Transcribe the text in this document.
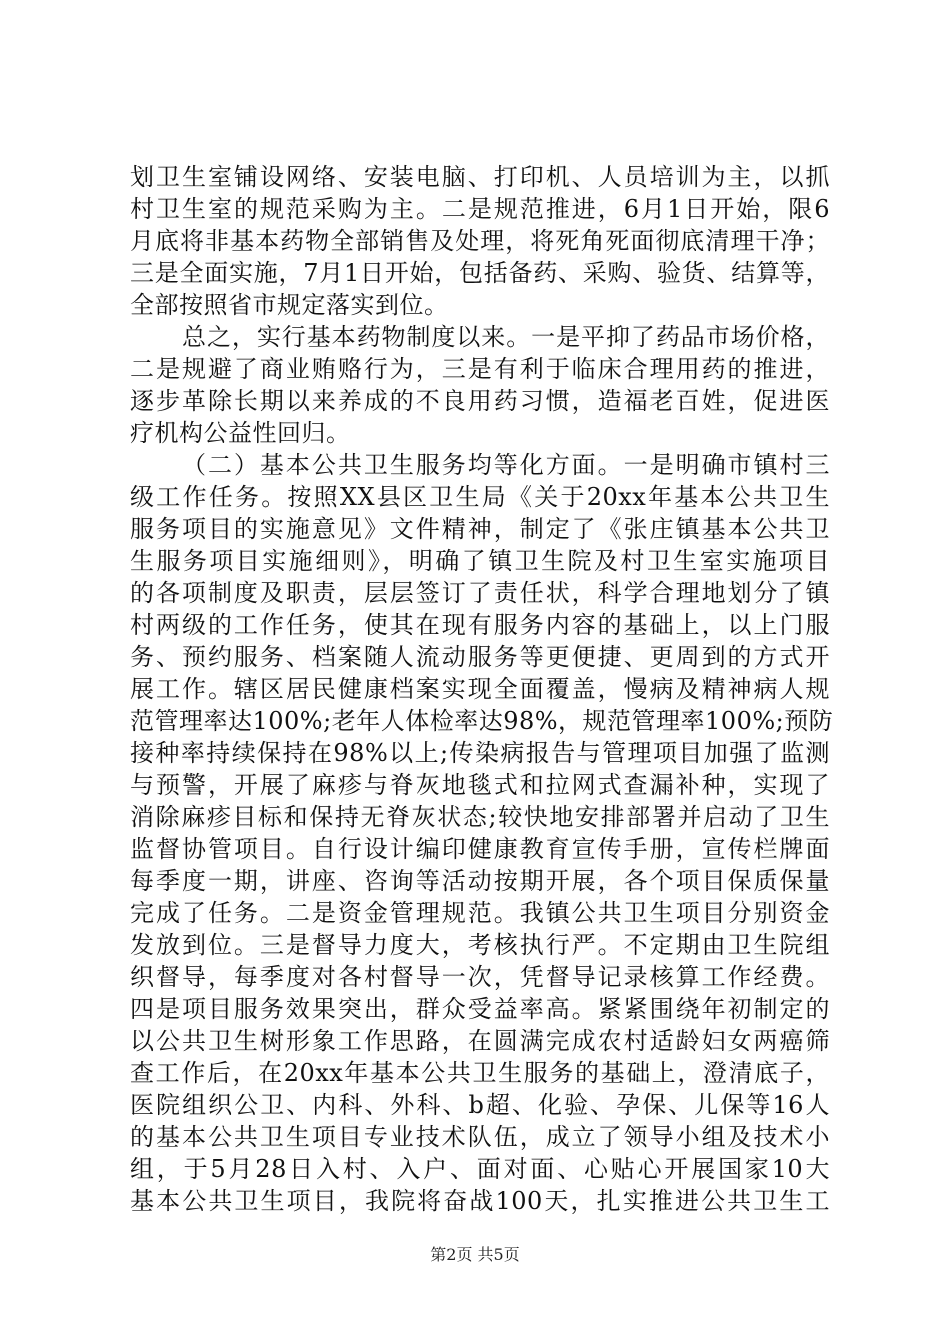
划卫生室铺设网络、安装电脑、打印机、人员培训为主，以抓
村卫生室的规范采购为主。二是规范推进，6月1日开始，限6
月底将非基本药物全部销售及处理，将死角死面彻底清理干净；
三是全面实施，7月1日开始，包括备药、采购、验货、结算等，
全部按照省市规定落实到位。
总之，实行基本药物制度以来。一是平抑了药品市场价格，
二是规避了商业贿赂行为，三是有利于临床合理用药的推进，
逐步革除长期以来养成的不良用药习惯，造福老百姓，促进医
疗机构公益性回归。
（二）基本公共卫生服务均等化方面。一是明确市镇村三
级工作任务。按照XX县区卫生局《关于20xx年基本公共卫生
服务项目的实施意见》文件精神，制定了《张庄镇基本公共卫
生服务项目实施细则》，明确了镇卫生院及村卫生室实施项目
的各项制度及职责，层层签订了责任状，科学合理地划分了镇
村两级的工作任务，使其在现有服务内容的基础上，以上门服
务、预约服务、档案随人流动服务等更便捷、更周到的方式开
展工作。辖区居民健康档案实现全面覆盖，慢病及精神病人规
范管理率达100%;老年人体检率达98%，规范管理率100%;预防
接种率持续保持在98%以上;传染病报告与管理项目加强了监测
与预警，开展了麻疹与脊灰地毯式和拉网式查漏补种，实现了
消除麻疹目标和保持无脊灰状态;较快地安排部署并启动了卫生
监督协管项目。自行设计编印健康教育宣传手册，宣传栏牌面
每季度一期，讲座、咨询等活动按期开展，各个项目保质保量
完成了任务。二是资金管理规范。我镇公共卫生项目分别资金
发放到位。三是督导力度大，考核执行严。不定期由卫生院组
织督导，每季度对各村督导一次，凭督导记录核算工作经费。
四是项目服务效果突出，群众受益率高。紧紧围绕年初制定的
以公共卫生树形象工作思路，在圆满完成农村适龄妇女两癌筛
查工作后，在20xx年基本公共卫生服务的基础上，澄清底子，
医院组织公卫、内科、外科、b超、化验、孕保、儿保等16人
的基本公共卫生项目专业技术队伍，成立了领导小组及技术小
组，于5月28日入村、入户、面对面、心贴心开展国家10大
基本公共卫生项目，我院将奋战100天，扎实推进公共卫生工
第2页 共5页
